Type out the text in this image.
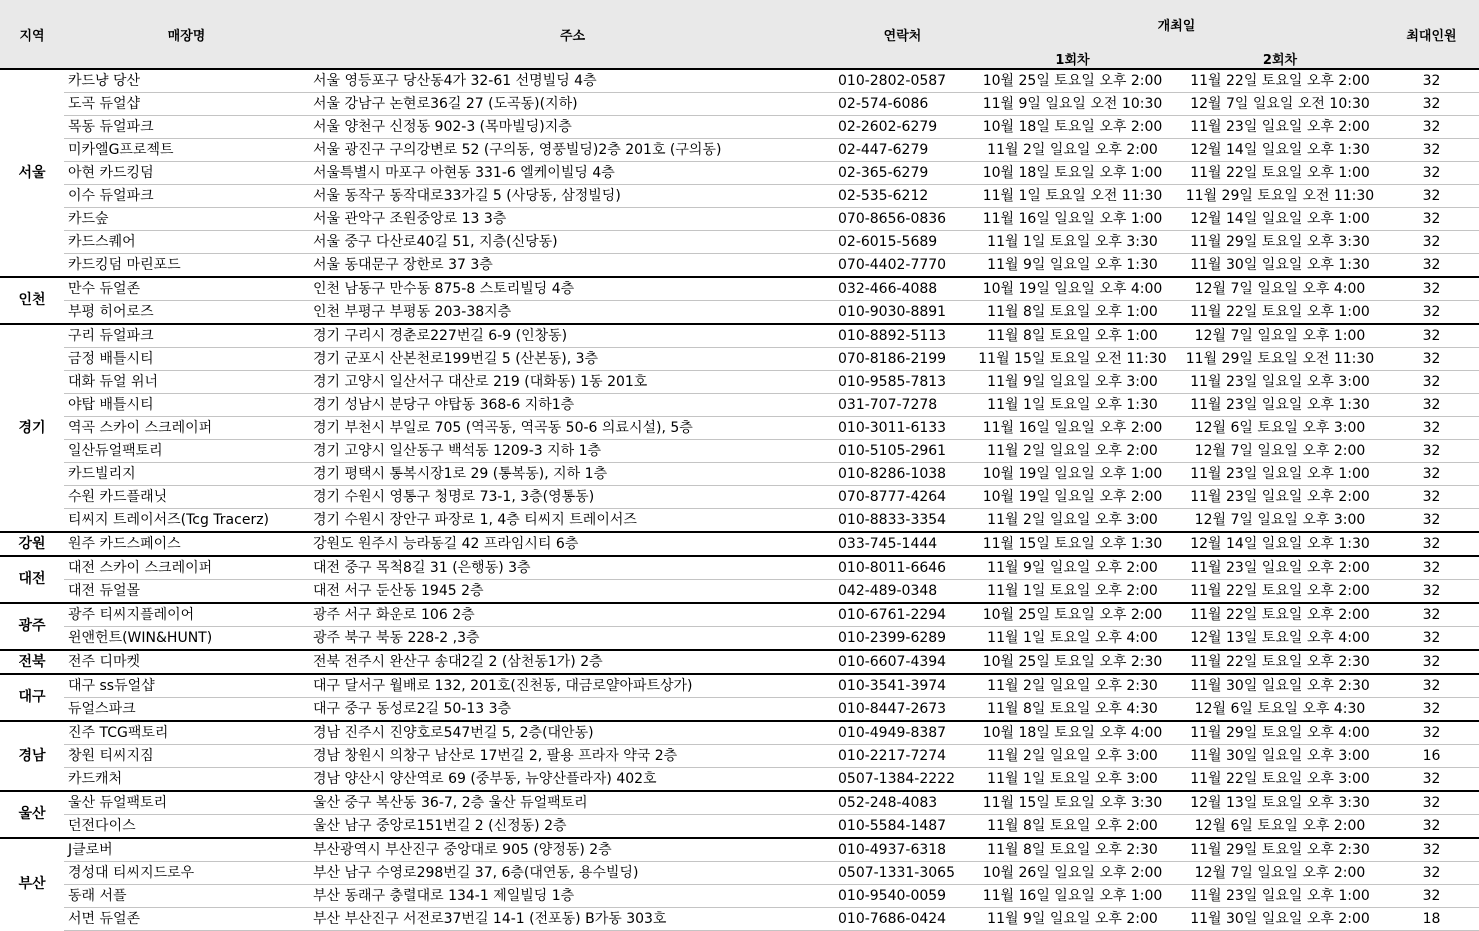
지역	매장명	주소	연락처	개최일		최대인원
				1회차	2회차	
서울	카드냥 당산	서울 영등포구 당산동4가 32-61 선명빌딩 4층	010-2802-0587	10월 25일 토요일 오후 2:00	11월 22일 토요일 오후 2:00	32
	도곡 듀얼샵	서울 강남구 논현로36길 27 (도곡동)(지하)	02-574-6086	11월 9일 일요일 오전 10:30	12월 7일 일요일 오전 10:30	32
	목동 듀얼파크	서울 양천구 신정동 902-3 (목마빌딩)지층	02-2602-6279	10월 18일 토요일 오후 2:00	11월 23일 일요일 오후 2:00	32
	미카엘G프로젝트	서울 광진구 구의강변로 52 (구의동, 영풍빌딩)2층 201호 (구의동)	02-447-6279	11월 2일 일요일 오후 2:00	12월 14일 일요일 오후 1:30	32
	아현 카드킹덤	서울특별시 마포구 아현동 331-6 엘케이빌딩 4층	02-365-6279	10월 18일 토요일 오후 1:00	11월 22일 토요일 오후 1:00	32
	이수 듀얼파크	서울 동작구 동작대로33가길 5 (사당동, 삼정빌딩)	02-535-6212	11월 1일 토요일 오전 11:30	11월 29일 토요일 오전 11:30	32
	카드숲	서울 관악구 조원중앙로 13 3층	070-8656-0836	11월 16일 일요일 오후 1:00	12월 14일 일요일 오후 1:00	32
	카드스퀘어	서울 중구 다산로40길 51, 지층(신당동)	02-6015-5689	11월 1일 토요일 오후 3:30	11월 29일 토요일 오후 3:30	32
	카드킹덤 마린포드	서울 동대문구 장한로 37 3층	070-4402-7770	11월 9일 일요일 오후 1:30	11월 30일 일요일 오후 1:30	32
인천	만수 듀얼존	인천 남동구 만수동 875-8 스토리빌딩 4층	032-466-4088	10월 19일 일요일 오후 4:00	12월 7일 일요일 오후 4:00	32
	부평 히어로즈	인천 부평구 부평동 203-38지층	010-9030-8891	11월 8일 토요일 오후 1:00	11월 22일 토요일 오후 1:00	32
경기	구리 듀얼파크	경기 구리시 경춘로227번길 6-9 (인창동)	010-8892-5113	11월 8일 토요일 오후 1:00	12월 7일 일요일 오후 1:00	32
	금정 배틀시티	경기 군포시 산본천로199번길 5 (산본동), 3층	070-8186-2199	11월 15일 토요일 오전 11:30	11월 29일 토요일 오전 11:30	32
	대화 듀얼 위너	경기 고양시 일산서구 대산로 219 (대화동) 1동 201호	010-9585-7813	11월 9일 일요일 오후 3:00	11월 23일 일요일 오후 3:00	32
	야탑 배틀시티	경기 성남시 분당구 야탑동 368-6 지하1층	031-707-7278	11월 1일 토요일 오후 1:30	11월 23일 일요일 오후 1:30	32
	역곡 스카이 스크레이퍼	경기 부천시 부일로 705 (역곡동, 역곡동 50-6 의료시설), 5층	010-3011-6133	11월 16일 일요일 오후 2:00	12월 6일 토요일 오후 3:00	32
	일산듀얼팩토리	경기 고양시 일산동구 백석동 1209-3 지하 1층	010-5105-2961	11월 2일 일요일 오후 2:00	12월 7일 일요일 오후 2:00	32
	카드빌리지	경기 평택시 통복시장1로 29 (통복동), 지하 1층	010-8286-1038	10월 19일 일요일 오후 1:00	11월 23일 일요일 오후 1:00	32
	수원 카드플래닛	경기 수원시 영통구 청명로 73-1, 3층(영통동)	070-8777-4264	10월 19일 일요일 오후 2:00	11월 23일 일요일 오후 2:00	32
	티씨지 트레이서즈(Tcg Tracerz)	경기 수원시 장안구 파장로 1, 4층 티씨지 트레이서즈	010-8833-3354	11월 2일 일요일 오후 3:00	12월 7일 일요일 오후 3:00	32
강원	원주 카드스페이스	강원도 원주시 능라동길 42 프라임시티 6층	033-745-1444	11월 15일 토요일 오후 1:30	12월 14일 일요일 오후 1:30	32
대전	대전 스카이 스크레이퍼	대전 중구 목척8길 31 (은행동) 3층	010-8011-6646	11월 9일 일요일 오후 2:00	11월 23일 일요일 오후 2:00	32
	대전 듀얼몰	대전 서구 둔산동 1945 2층	042-489-0348	11월 1일 토요일 오후 2:00	11월 22일 토요일 오후 2:00	32
광주	광주 티씨지플레이어	광주 서구 화운로 106 2층	010-6761-2294	10월 25일 토요일 오후 2:00	11월 22일 토요일 오후 2:00	32
	윈앤헌트(WIN&HUNT)	광주 북구 북동 228-2 ,3층	010-2399-6289	11월 1일 토요일 오후 4:00	12월 13일 토요일 오후 4:00	32
전북	전주 디마켓	전북 전주시 완산구 송대2길 2 (삼천동1가) 2층	010-6607-4394	10월 25일 토요일 오후 2:30	11월 22일 토요일 오후 2:30	32
대구	대구 ss듀얼샵	대구 달서구 월배로 132, 201호(진천동, 대금로얄아파트상가)	010-3541-3974	11월 2일 일요일 오후 2:30	11월 30일 일요일 오후 2:30	32
	듀얼스파크	대구 중구 동성로2길 50-13 3층	010-8447-2673	11월 8일 토요일 오후 4:30	12월 6일 토요일 오후 4:30	32
경남	진주 TCG팩토리	경남 진주시 진양호로547번길 5, 2층(대안동)	010-4949-8387	10월 18일 토요일 오후 4:00	11월 29일 토요일 오후 4:00	32
	창원 티씨지짐	경남 창원시 의창구 남산로 17번길 2, 팔용 프라자 약국 2층	010-2217-7274	11월 2일 일요일 오후 3:00	11월 30일 일요일 오후 3:00	16
	카드캐처	경남 양산시 양산역로 69 (중부동, 뉴양산플라자) 402호	0507-1384-2222	11월 1일 토요일 오후 3:00	11월 22일 토요일 오후 3:00	32
울산	울산 듀얼팩토리	울산 중구 복산동 36-7, 2층 울산 듀얼팩토리	052-248-4083	11월 15일 토요일 오후 3:30	12월 13일 토요일 오후 3:30	32
	던전다이스	울산 남구 중앙로151번길 2 (신정동) 2층	010-5584-1487	11월 8일 토요일 오후 2:00	12월 6일 토요일 오후 2:00	32
부산	J클로버	부산광역시 부산진구 중앙대로 905 (양정동) 2층	010-4937-6318	11월 8일 토요일 오후 2:30	11월 29일 토요일 오후 2:30	32
	경성대 티씨지드로우	부산 남구 수영로298번길 37, 6층(대연동, 용수빌딩)	0507-1331-3065	10월 26일 일요일 오후 2:00	12월 7일 일요일 오후 2:00	32
	동래 서플	부산 동래구 충렬대로 134-1 제일빌딩 1층	010-9540-0059	11월 16일 일요일 오후 1:00	11월 23일 일요일 오후 1:00	32
	서면 듀얼존	부산 부산진구 서전로37번길 14-1 (전포동) B가동 303호	010-7686-0424	11월 9일 일요일 오후 2:00	11월 30일 일요일 오후 2:00	18
